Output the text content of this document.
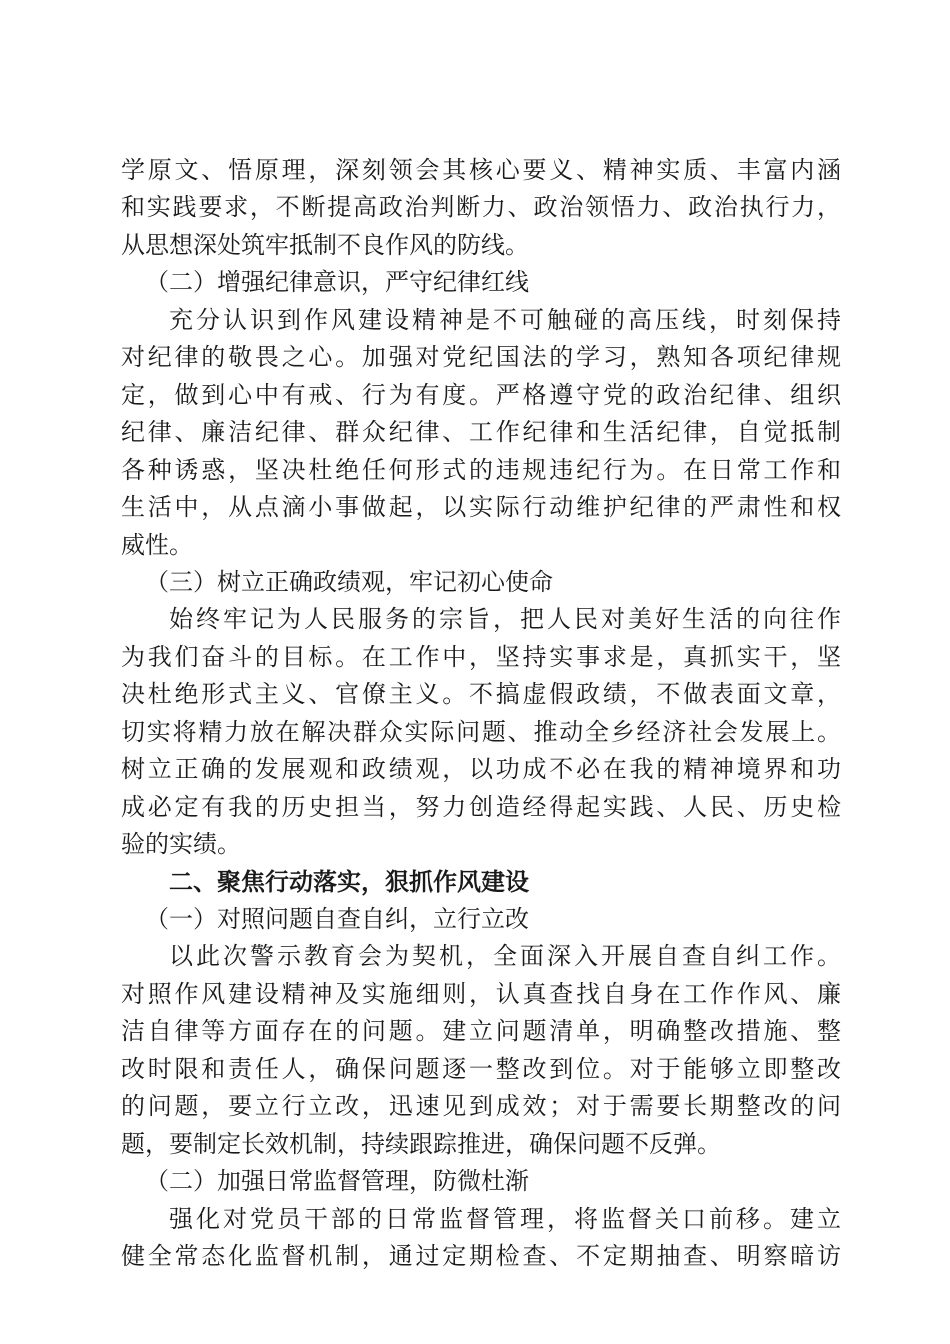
学原文、悟原理，深刻领会其核心要义、精神实质、丰富内涵
和实践要求，不断提高政治判断力、政治领悟力、政治执行力，
从思想深处筑牢抵制不良作风的防线。
（二）增强纪律意识，严守纪律红线
充分认识到作风建设精神是不可触碰的高压线，时刻保持
对纪律的敬畏之心。加强对党纪国法的学习，熟知各项纪律规
定，做到心中有戒、行为有度。严格遵守党的政治纪律、组织
纪律、廉洁纪律、群众纪律、工作纪律和生活纪律，自觉抵制
各种诱惑，坚决杜绝任何形式的违规违纪行为。在日常工作和
生活中，从点滴小事做起，以实际行动维护纪律的严肃性和权
威性。
（三）树立正确政绩观，牢记初心使命
始终牢记为人民服务的宗旨，把人民对美好生活的向往作
为我们奋斗的目标。在工作中，坚持实事求是，真抓实干，坚
决杜绝形式主义、官僚主义。不搞虚假政绩，不做表面文章，
切实将精力放在解决群众实际问题、推动全乡经济社会发展上。
树立正确的发展观和政绩观，以功成不必在我的精神境界和功
成必定有我的历史担当，努力创造经得起实践、人民、历史检
验的实绩。
二、聚焦行动落实，狠抓作风建设
（一）对照问题自查自纠，立行立改
以此次警示教育会为契机，全面深入开展自查自纠工作。
对照作风建设精神及实施细则，认真查找自身在工作作风、廉
洁自律等方面存在的问题。建立问题清单，明确整改措施、整
改时限和责任人，确保问题逐一整改到位。对于能够立即整改
的问题，要立行立改，迅速见到成效；对于需要长期整改的问
题，要制定长效机制，持续跟踪推进，确保问题不反弹。
（二）加强日常监督管理，防微杜渐
强化对党员干部的日常监督管理，将监督关口前移。建立
健全常态化监督机制，通过定期检查、不定期抽查、明察暗访
